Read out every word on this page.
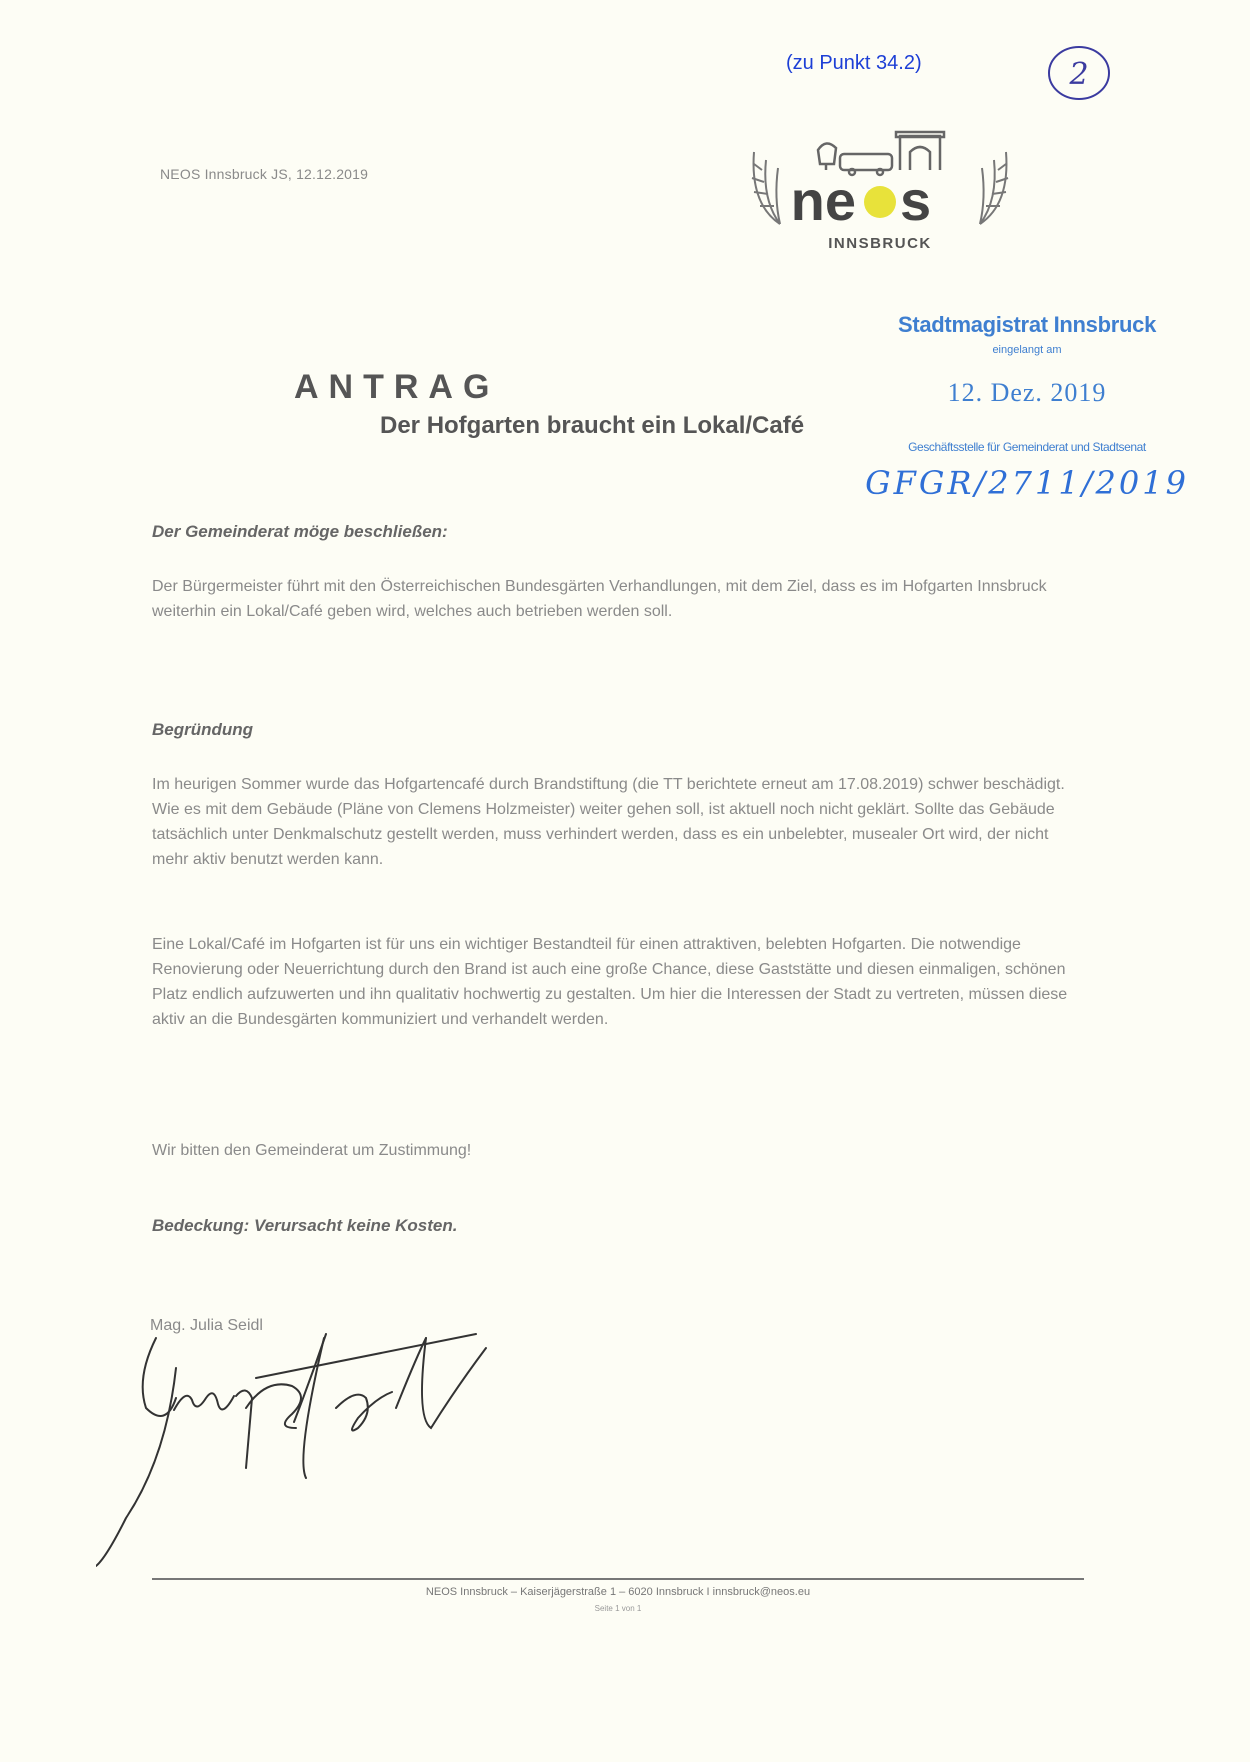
(zu Punkt 34.2)	2
NEOS Innsbruck JS, 12.12.2019	ne s
INNSBRUCK
Stadtmagistrat Innsbruck
eingelangt am
12. Dez. 2019
Geschäftsstelle für Gemeinderat und Stadtsenat
GFGR/2711/2019
ANTRAG
Der Hofgarten braucht ein Lokal/Café
Der Gemeinderat möge beschließen:
Der Bürgermeister führt mit den Österreichischen Bundesgärten Verhandlungen, mit dem Ziel, dass es im Hofgarten Innsbruck weiterhin ein Lokal/Café geben wird, welches auch betrieben werden soll.
Begründung
Im heurigen Sommer wurde das Hofgartencafé durch Brandstiftung (die TT berichtete erneut am 17.08.2019) schwer beschädigt. Wie es mit dem Gebäude (Pläne von Clemens Holzmeister) weiter gehen soll, ist aktuell noch nicht geklärt. Sollte das Gebäude tatsächlich unter Denkmalschutz gestellt werden, muss verhindert werden, dass es ein unbelebter, musealer Ort wird, der nicht mehr aktiv benutzt werden kann.
Eine Lokal/Café im Hofgarten ist für uns ein wichtiger Bestandteil für einen attraktiven, belebten Hofgarten. Die notwendige Renovierung oder Neuerrichtung durch den Brand ist auch eine große Chance, diese Gaststätte und diesen einmaligen, schönen Platz endlich aufzuwerten und ihn qualitativ hochwertig zu gestalten. Um hier die Interessen der Stadt zu vertreten, müssen diese aktiv an die Bundesgärten kommuniziert und verhandelt werden.
Wir bitten den Gemeinderat um Zustimmung!
Bedeckung: Verursacht keine Kosten.
Mag. Julia Seidl
NEOS Innsbruck – Kaiserjägerstraße 1 – 6020 Innsbruck I innsbruck@neos.eu
Seite 1 von 1
